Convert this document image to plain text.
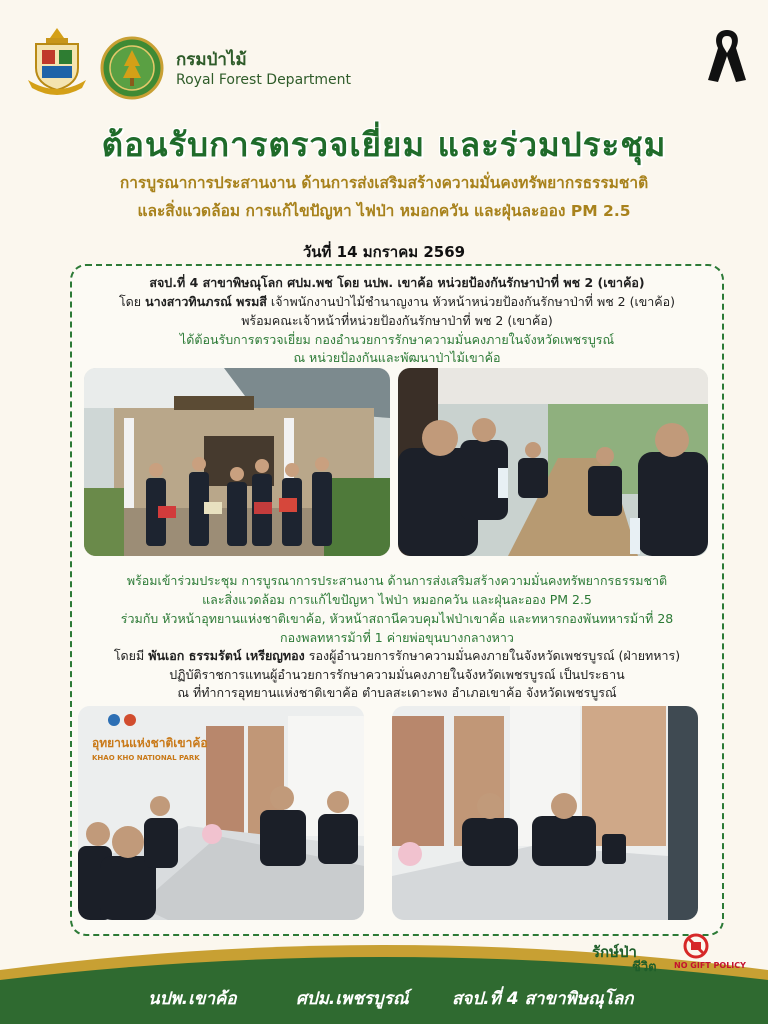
กรมป่าไม้
Royal Forest Department
ต้อนรับการตรวจเยี่ยม และร่วมประชุม
การบูรณาการประสานงาน ด้านการส่งเสริมสร้างความมั่นคงทรัพยากรธรรมชาติ
และสิ่งแวดล้อม การแก้ไขปัญหา ไฟป่า หมอกควัน และฝุ่นละออง PM 2.5
วันที่ 14 มกราคม 2569
สจป.ที่ 4 สาขาพิษณุโลก ศปม.พช โดย นปพ. เขาค้อ หน่วยป้องกันรักษาป่าที่ พช 2 (เขาค้อ)
โดย นางสาวทินภรณ์ พรมสี เจ้าพนักงานป่าไม้ชำนาญงาน หัวหน้าหน่วยป้องกันรักษาป่าที่ พช 2 (เขาค้อ)
พร้อมคณะเจ้าหน้าที่หน่วยป้องกันรักษาป่าที่ พช 2 (เขาค้อ)
ได้ต้อนรับการตรวจเยี่ยม กองอำนวยการรักษาความมั่นคงภายในจังหวัดเพชรบูรณ์
ณ หน่วยป้องกันและพัฒนาป่าไม้เขาค้อ
พร้อมเข้าร่วมประชุม การบูรณาการประสานงาน ด้านการส่งเสริมสร้างความมั่นคงทรัพยากรธรรมชาติ
และสิ่งแวดล้อม การแก้ไขปัญหา ไฟป่า หมอกควัน และฝุ่นละออง PM 2.5
ร่วมกับ หัวหน้าอุทยานแห่งชาติเขาค้อ, หัวหน้าสถานีควบคุมไฟป่าเขาค้อ และทหารกองพันทหารม้าที่ 28
กองพลทหารม้าที่ 1 ค่ายพ่อขุนบางกลางหาว
โดยมี พันเอก ธรรมรัตน์ เหรียญทอง รองผู้อำนวยการรักษาความมั่นคงภายในจังหวัดเพชรบูรณ์ (ฝ่ายทหาร)
ปฏิบัติราชการแทนผู้อำนวยการรักษาความมั่นคงภายในจังหวัดเพชรบูรณ์ เป็นประธาน
ณ ที่ทำการอุทยานแห่งชาติเขาค้อ ตำบลสะเดาะพง อำเภอเขาค้อ จังหวัดเพชรบูรณ์
อุทยานแห่งชาติเขาค้อ
KHAO KHO NATIONAL PARK
นปพ.เขาค้อ	ศปม.เพชรบูรณ์	สจป.ที่ 4 สาขาพิษณุโลก
รักษ์ป่า
ชีวิต NO GIFT POLICY
